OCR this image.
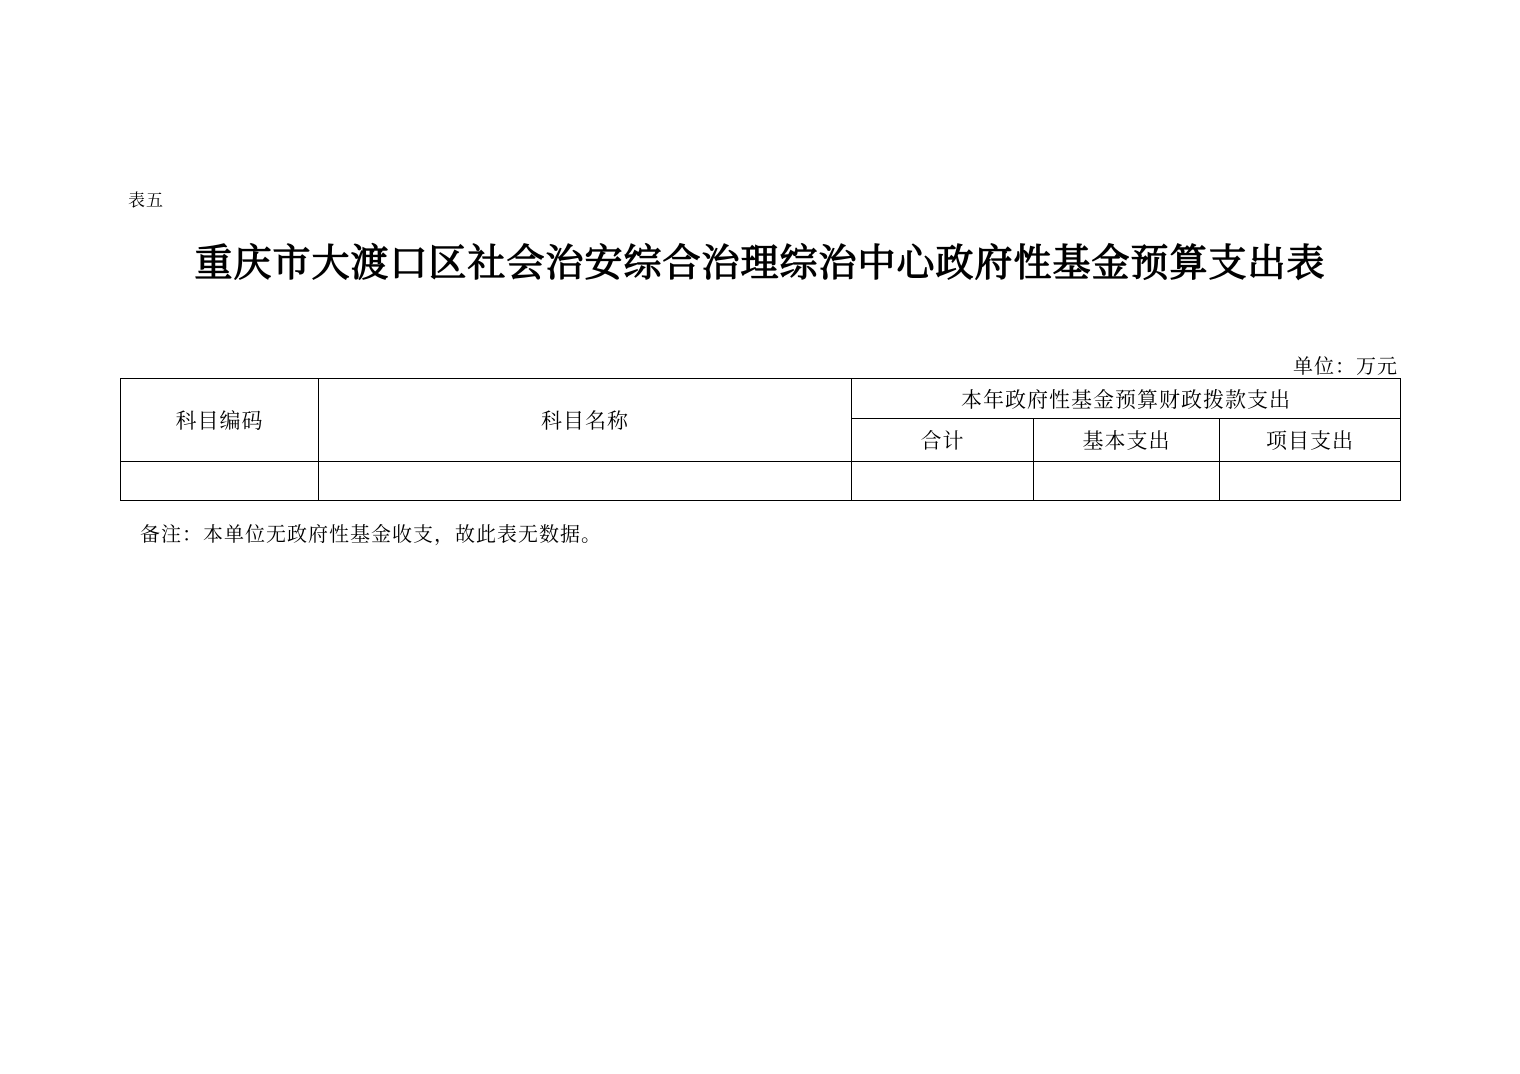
表五
重庆市大渡口区社会治安综合治理综治中心政府性基金预算支出表
单位：万元
科目编码	科目名称	本年政府性基金预算财政拨款支出		
		合计	基本支出	项目支出

备注：本单位无政府性基金收支，故此表无数据。
